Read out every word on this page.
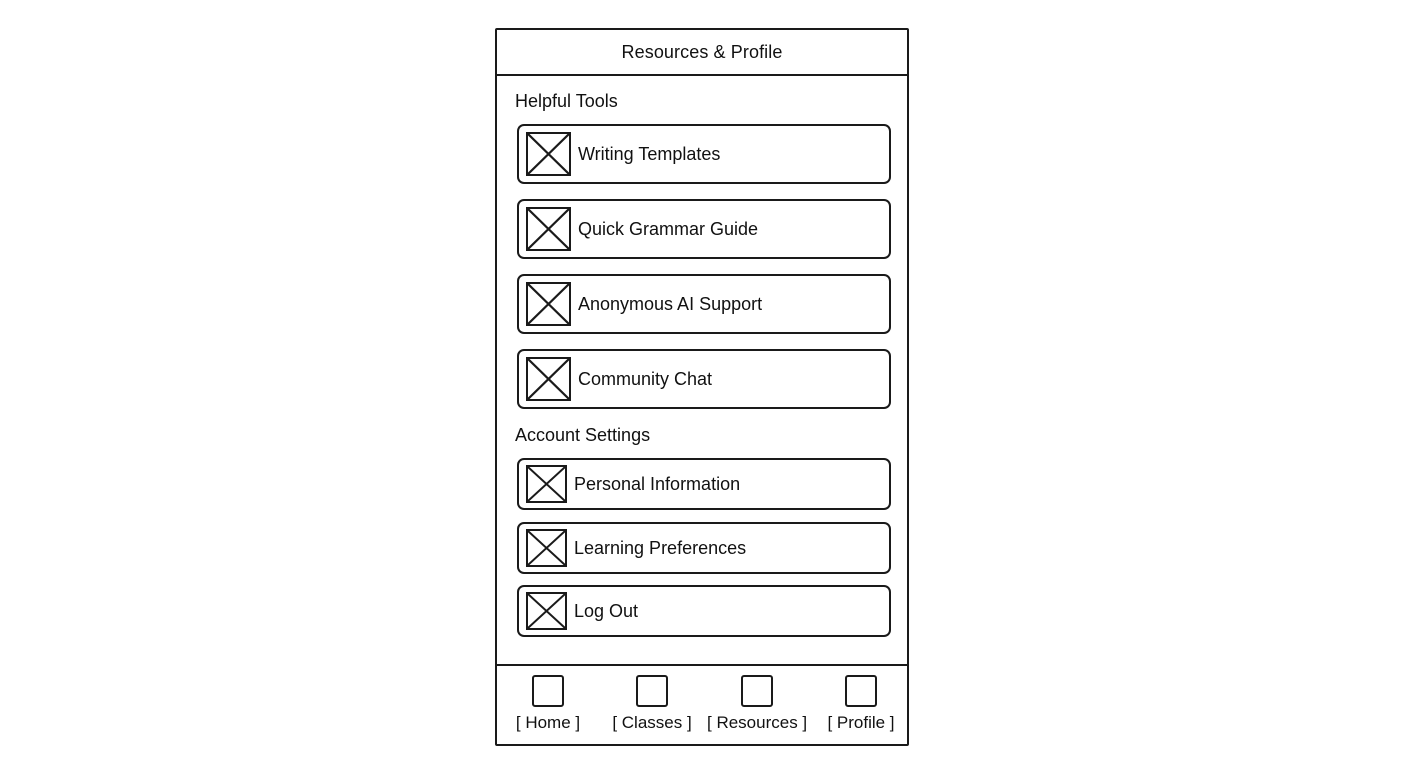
Resources & Profile
Helpful Tools
Writing Templates
Quick Grammar Guide
Anonymous AI Support
Community Chat
Account Settings
Personal Information
Learning Preferences
Log Out
[ Home ]	[ Classes ] [ Resources ]	[ Profile ]
